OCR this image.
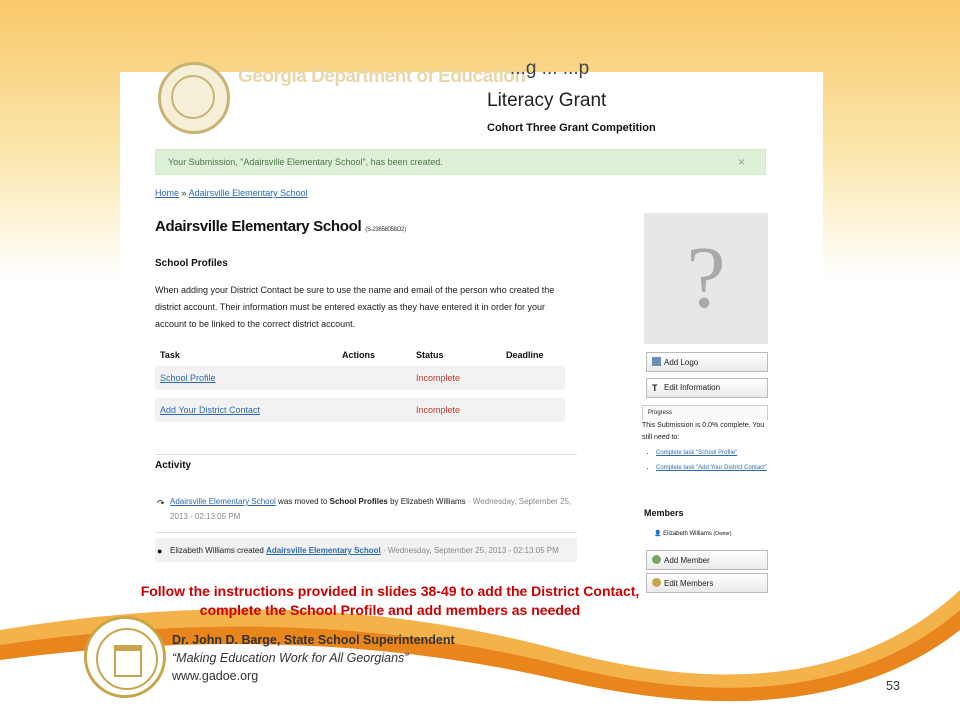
Georgia Department of Education
...g ... ...p
Literacy Grant
Cohort Three Grant Competition
Your Submission, "Adairsville Elementary School", has been created.	×
Home » Adairsville Elementary School
Adairsville Elementary School (S-23658058O2)
School Profiles
When adding your District Contact be sure to use the name and email of the person who created the district account. Their information must be entered exactly as they have entered it in order for your account to be linked to the correct district account.
Task	Actions	Status	Deadline
School Profile		Incomplete	

Add Your District Contact		Incomplete	
Activity
↷ Adairsville Elementary School was moved to School Profiles by Elizabeth Williams · Wednesday, September 25, 2013 - 02:13:05 PM
● Elizabeth Williams created Adairsville Elementary School · Wednesday, September 25, 2013 - 02:13:05 PM
?
Add Logo
T Edit Information
Progress
This Submission is 0.0% complete. You still need to:
• Complete task "School Profile"
• Complete task "Add Your District Contact"
Members
👤 Elizabeth Williams (Owner)
Add Member
Edit Members
Follow the instructions provided in slides 38-49 to add the District Contact, complete the School Profile and add members as needed
Dr. John D. Barge, State School Superintendent
“Making Education Work for All Georgians”
www.gadoe.org
53
